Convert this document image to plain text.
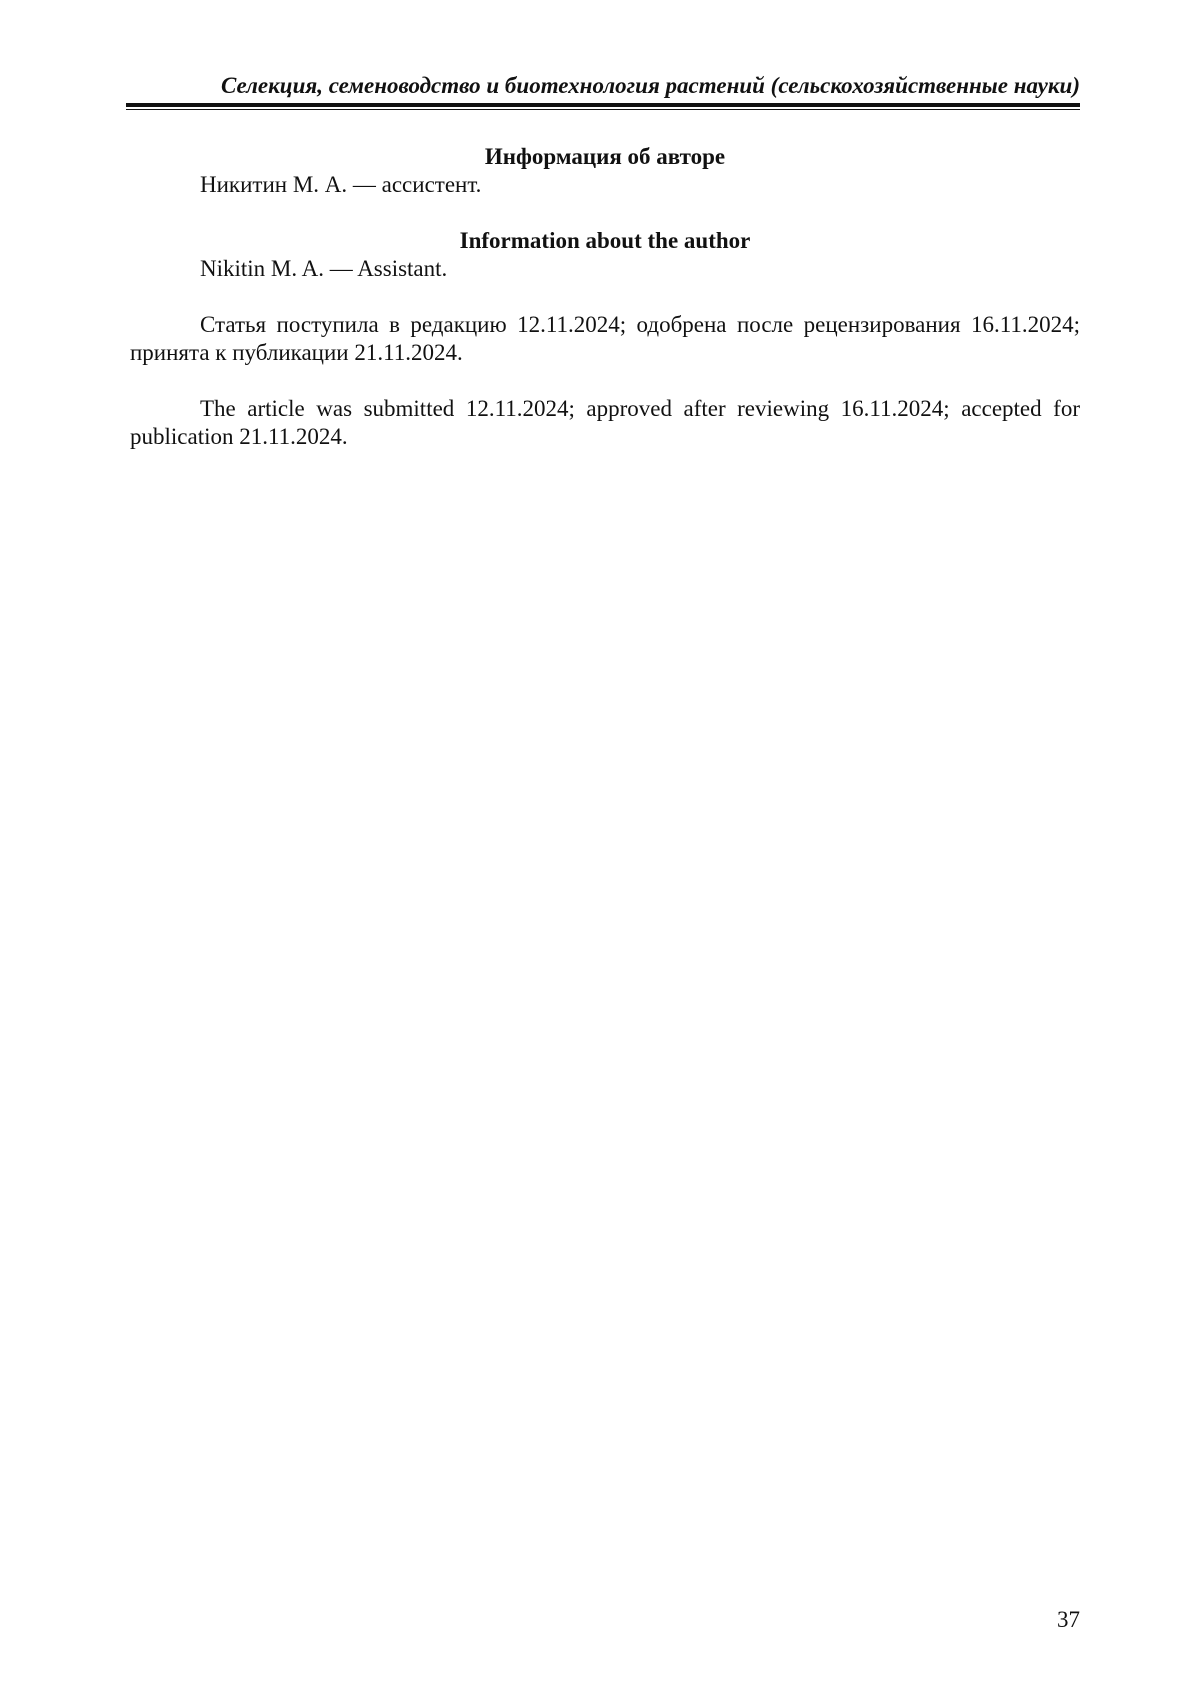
Селекция, семеноводство и биотехнология растений (сельскохозяйственные науки)

Информация об авторе

Никитин М. А. — ассистент.

Information about the author

Nikitin M. A. — Assistant.

Статья поступила в редакцию 12.11.2024; одобрена после рецензирования 16.11.2024; принята к публикации 21.11.2024.

The article was submitted 12.11.2024; approved after reviewing 16.11.2024; accepted for publication 21.11.2024.

37
